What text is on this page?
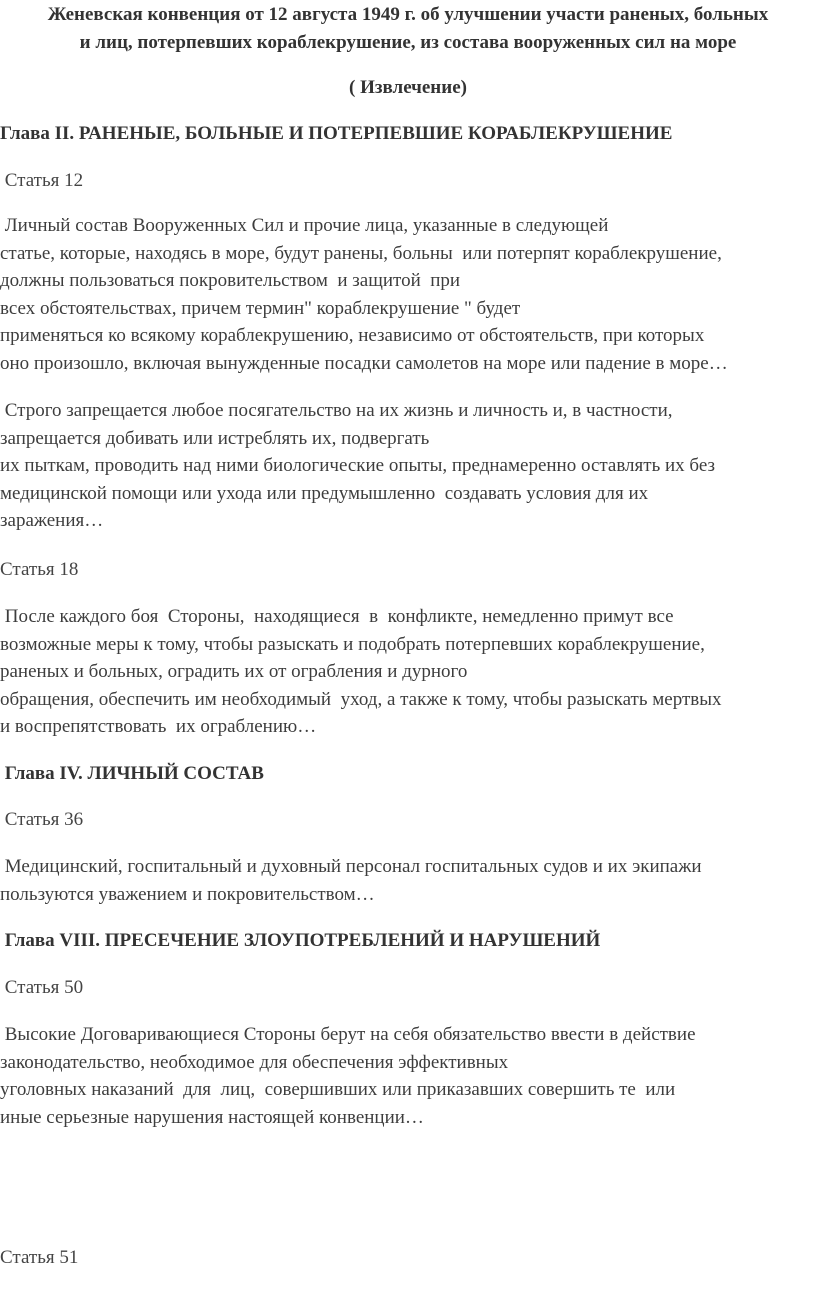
Женевская конвенция от 12 августа 1949 г. об улучшении участи раненых, больных
и лиц, потерпевших кораблекрушение, из состава вооруженных сил на море
( Извлечение)
Глава II. РАНЕНЫЕ, БОЛЬНЫЕ И ПОТЕРПЕВШИЕ КОРАБЛЕКРУШЕНИЕ
Статья 12
Личный состав Вооруженных Сил и прочие лица, указанные в следующей
статье, которые, находясь в море, будут ранены, больны  или потерпят кораблекрушение,
должны пользоваться покровительством  и защитой  при
всех обстоятельствах, причем термин" кораблекрушение " будет
применяться ко всякому кораблекрушению, независимо от обстоятельств, при которых
оно произошло, включая вынужденные посадки самолетов на море или падение в море…
Строго запрещается любое посягательство на их жизнь и личность и, в частности,
запрещается добивать или истреблять их, подвергать
их пыткам, проводить над ними биологические опыты, преднамеренно оставлять их без
медицинской помощи или ухода или предумышленно  создавать условия для их
заражения…
Статья 18
После каждого боя  Стороны,  находящиеся  в  конфликте, немедленно примут все
возможные меры к тому, чтобы разыскать и подобрать потерпевших кораблекрушение,
раненых и больных, оградить их от ограбления и дурного
обращения, обеспечить им необходимый  уход, а также к тому, чтобы разыскать мертвых
и воспрепятствовать  их ограблению…
Глава IV. ЛИЧНЫЙ СОСТАВ
Статья 36
Медицинский, госпитальный и духовный персонал госпитальных судов и их экипажи
пользуются уважением и покровительством…
Глава VIII. ПРЕСЕЧЕНИЕ ЗЛОУПОТРЕБЛЕНИЙ И НАРУШЕНИЙ
Статья 50
Высокие Договаривающиеся Стороны берут на себя обязательство ввести в действие
законодательство, необходимое для обеспечения эффективных
уголовных наказаний  для  лиц,  совершивших или приказавших совершить те  или
иные серьезные нарушения настоящей конвенции…
Статья 51
